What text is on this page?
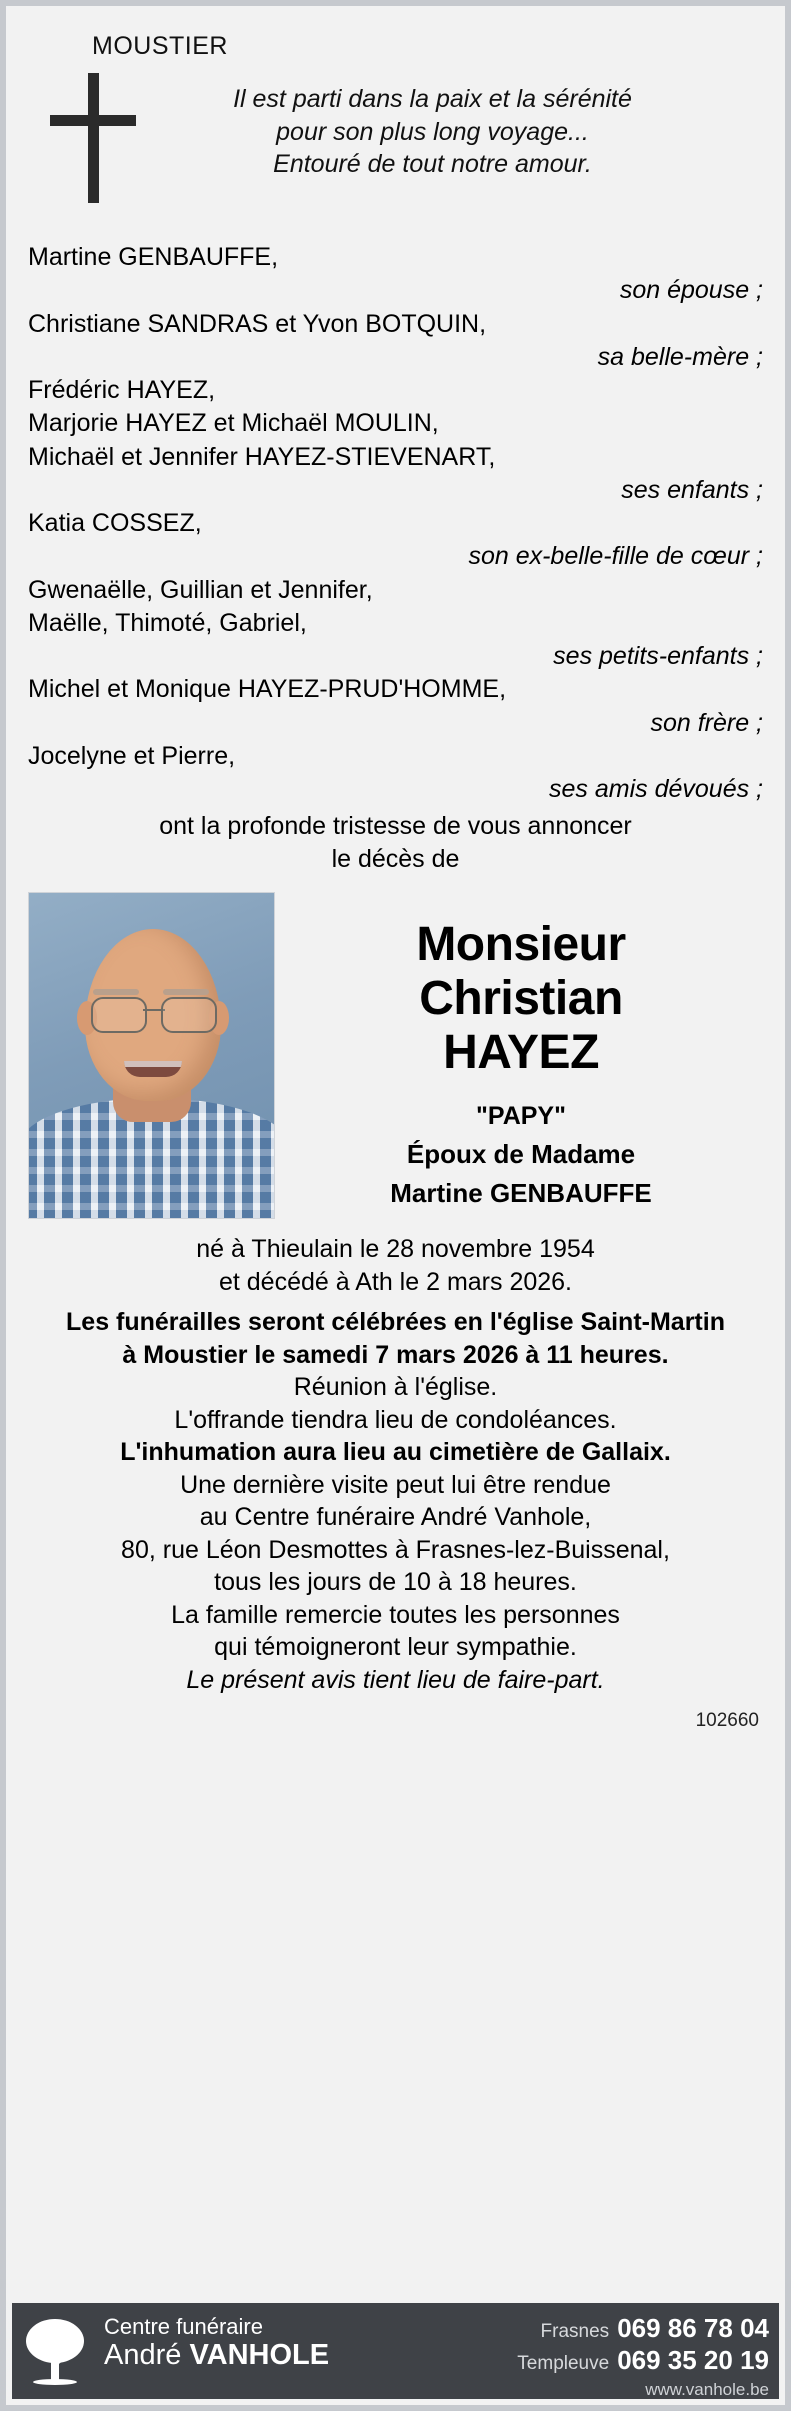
MOUSTIER
Il est parti dans la paix et la sérénité
pour son plus long voyage...
Entouré de tout notre amour.
Martine GENBAUFFE,
son épouse ;
Christiane SANDRAS et Yvon BOTQUIN,
sa belle-mère ;
Frédéric HAYEZ,
Marjorie HAYEZ et Michaël MOULIN,
Michaël et Jennifer HAYEZ-STIEVENART,
ses enfants ;
Katia COSSEZ,
son ex-belle-fille de cœur ;
Gwenaëlle, Guillian et Jennifer,
Maëlle, Thimoté, Gabriel,
ses petits-enfants ;
Michel et Monique HAYEZ-PRUD'HOMME,
son frère ;
Jocelyne et Pierre,
ses amis dévoués ;
ont la profonde tristesse de vous annoncer
le décès de
Monsieur
Christian
HAYEZ
"PAPY"
Époux de Madame
Martine GENBAUFFE
né à Thieulain le 28 novembre 1954
et décédé à Ath le 2 mars 2026.
Les funérailles seront célébrées en l'église Saint-Martin
à Moustier le samedi 7 mars 2026 à 11 heures.
Réunion à l'église.
L'offrande tiendra lieu de condoléances.
L'inhumation aura lieu au cimetière de Gallaix.
Une dernière visite peut lui être rendue
au Centre funéraire André Vanhole,
80, rue Léon Desmottes à Frasnes-lez-Buissenal,
tous les jours de 10 à 18 heures.
La famille remercie toutes les personnes
qui témoigneront leur sympathie.
Le présent avis tient lieu de faire-part.
102660
Centre funéraire
André VANHOLE
Frasnes 069 86 78 04
Templeuve 069 35 20 19
www.vanhole.be
